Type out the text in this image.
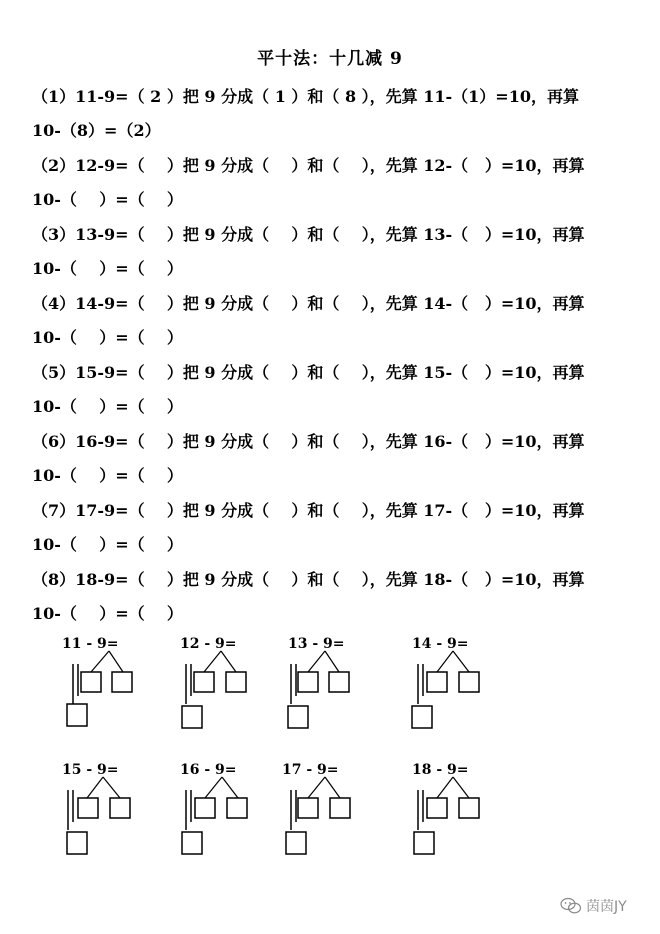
平十法：十几减 9
（1）11-9=（ 2 ）把 9 分成（ 1 ）和（ 8 ），先算 11-（1）=10，再算
10-（8）=（2）
（2）12-9=（    ）把 9 分成（    ）和（    ），先算 12-（   ）=10，再算
10-（    ）=（    ）
（3）13-9=（    ）把 9 分成（    ）和（    ），先算 13-（   ）=10，再算
10-（    ）=（    ）
（4）14-9=（    ）把 9 分成（    ）和（    ），先算 14-（   ）=10，再算
10-（    ）=（    ）
（5）15-9=（    ）把 9 分成（    ）和（    ），先算 15-（   ）=10，再算
10-（    ）=（    ）
（6）16-9=（    ）把 9 分成（    ）和（    ），先算 16-（   ）=10，再算
10-（    ）=（    ）
（7）17-9=（    ）把 9 分成（    ）和（    ），先算 17-（   ）=10，再算
10-（    ）=（    ）
（8）18-9=（    ）把 9 分成（    ）和（    ），先算 18-（   ）=10，再算
10-（    ）=（    ）
11 - 9=	12 - 9=	13 - 9=	14 - 9=
15 - 9=	16 - 9=	17 - 9=	18 - 9=
茵茵JY
